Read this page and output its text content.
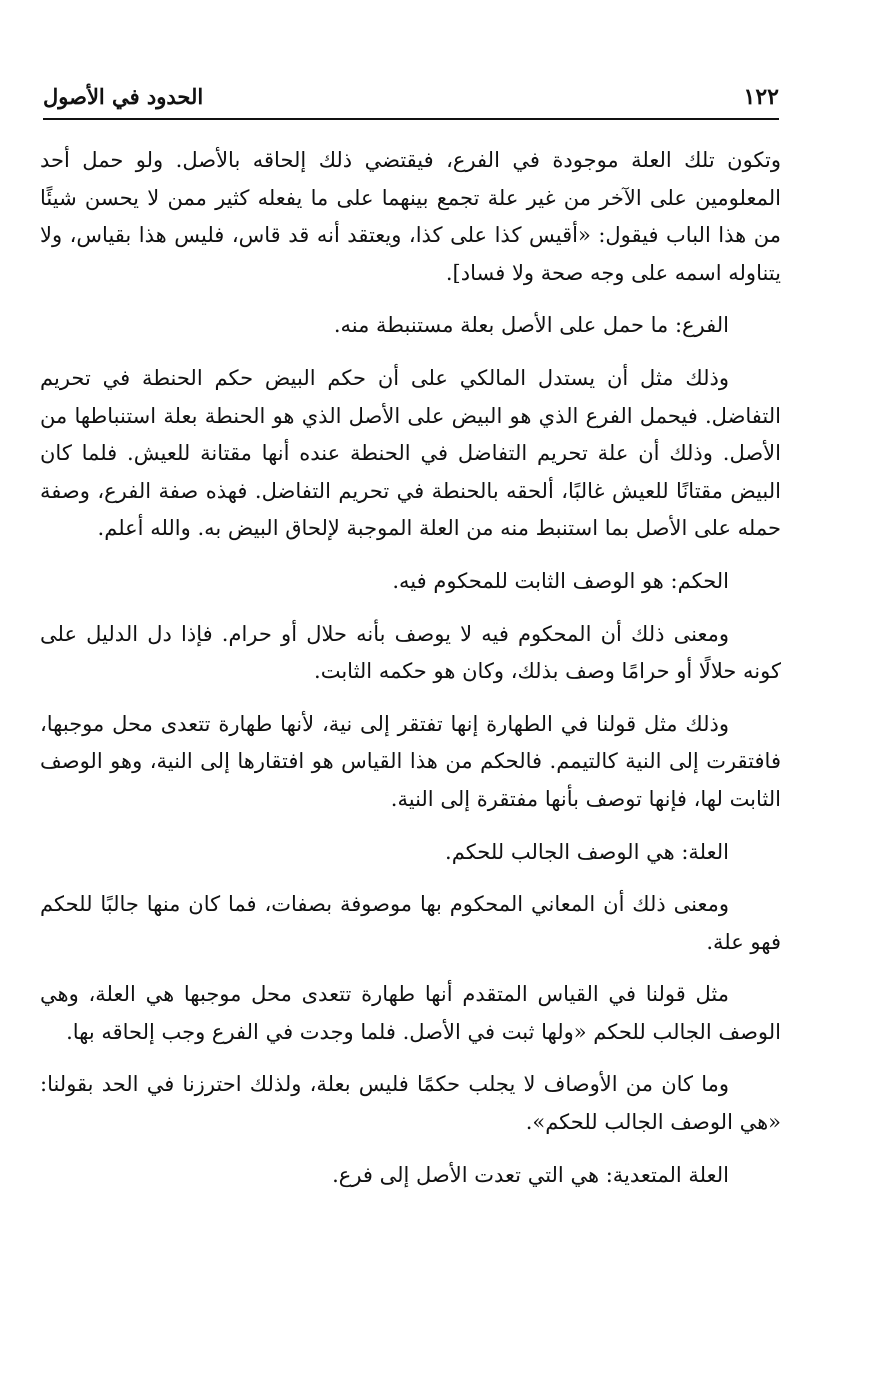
١٢٢
الحدود في الأصول

وتكون تلك العلة موجودة في الفرع، فيقتضي ذلك إلحاقه بالأصل. ولو حمل أحد المعلومين على الآخر من غير علة تجمع بينهما على ما يفعله كثير ممن لا يحسن شيئًا من هذا الباب فيقول: «أقيس كذا على كذا، ويعتقد أنه قد قاس، فليس هذا بقياس، ولا يتناوله اسمه على وجه صحة ولا فساد].

الفرع: ما حمل على الأصل بعلة مستنبطة منه.

وذلك مثل أن يستدل المالكي على أن حكم البيض حكم الحنطة في تحريم التفاضل. فيحمل الفرع الذي هو البيض على الأصل الذي هو الحنطة بعلة استنباطها من الأصل. وذلك أن علة تحريم التفاضل في الحنطة عنده أنها مقتانة للعيش. فلما كان البيض مقتانًا للعيش غالبًا، ألحقه بالحنطة في تحريم التفاضل. فهذه صفة الفرع، وصفة حمله على الأصل بما استنبط منه من العلة الموجبة لإلحاق البيض به. والله أعلم.

الحكم: هو الوصف الثابت للمحكوم فيه.

ومعنى ذلك أن المحكوم فيه لا يوصف بأنه حلال أو حرام. فإذا دل الدليل على كونه حلالًا أو حرامًا وصف بذلك، وكان هو حكمه الثابت.

وذلك مثل قولنا في الطهارة إنها تفتقر إلى نية، لأنها طهارة تتعدى محل موجبها، فافتقرت إلى النية كالتيمم. فالحكم من هذا القياس هو افتقارها إلى النية، وهو الوصف الثابت لها، فإنها توصف بأنها مفتقرة إلى النية.

العلة: هي الوصف الجالب للحكم.

ومعنى ذلك أن المعاني المحكوم بها موصوفة بصفات، فما كان منها جالبًا للحكم فهو علة.

مثل قولنا في القياس المتقدم أنها طهارة تتعدى محل موجبها هي العلة، وهي الوصف الجالب للحكم «ولها ثبت في الأصل. فلما وجدت في الفرع وجب إلحاقه بها.

وما كان من الأوصاف لا يجلب حكمًا فليس بعلة، ولذلك احترزنا في الحد بقولنا: «هي الوصف الجالب للحكم».

العلة المتعدية: هي التي تعدت الأصل إلى فرع.
